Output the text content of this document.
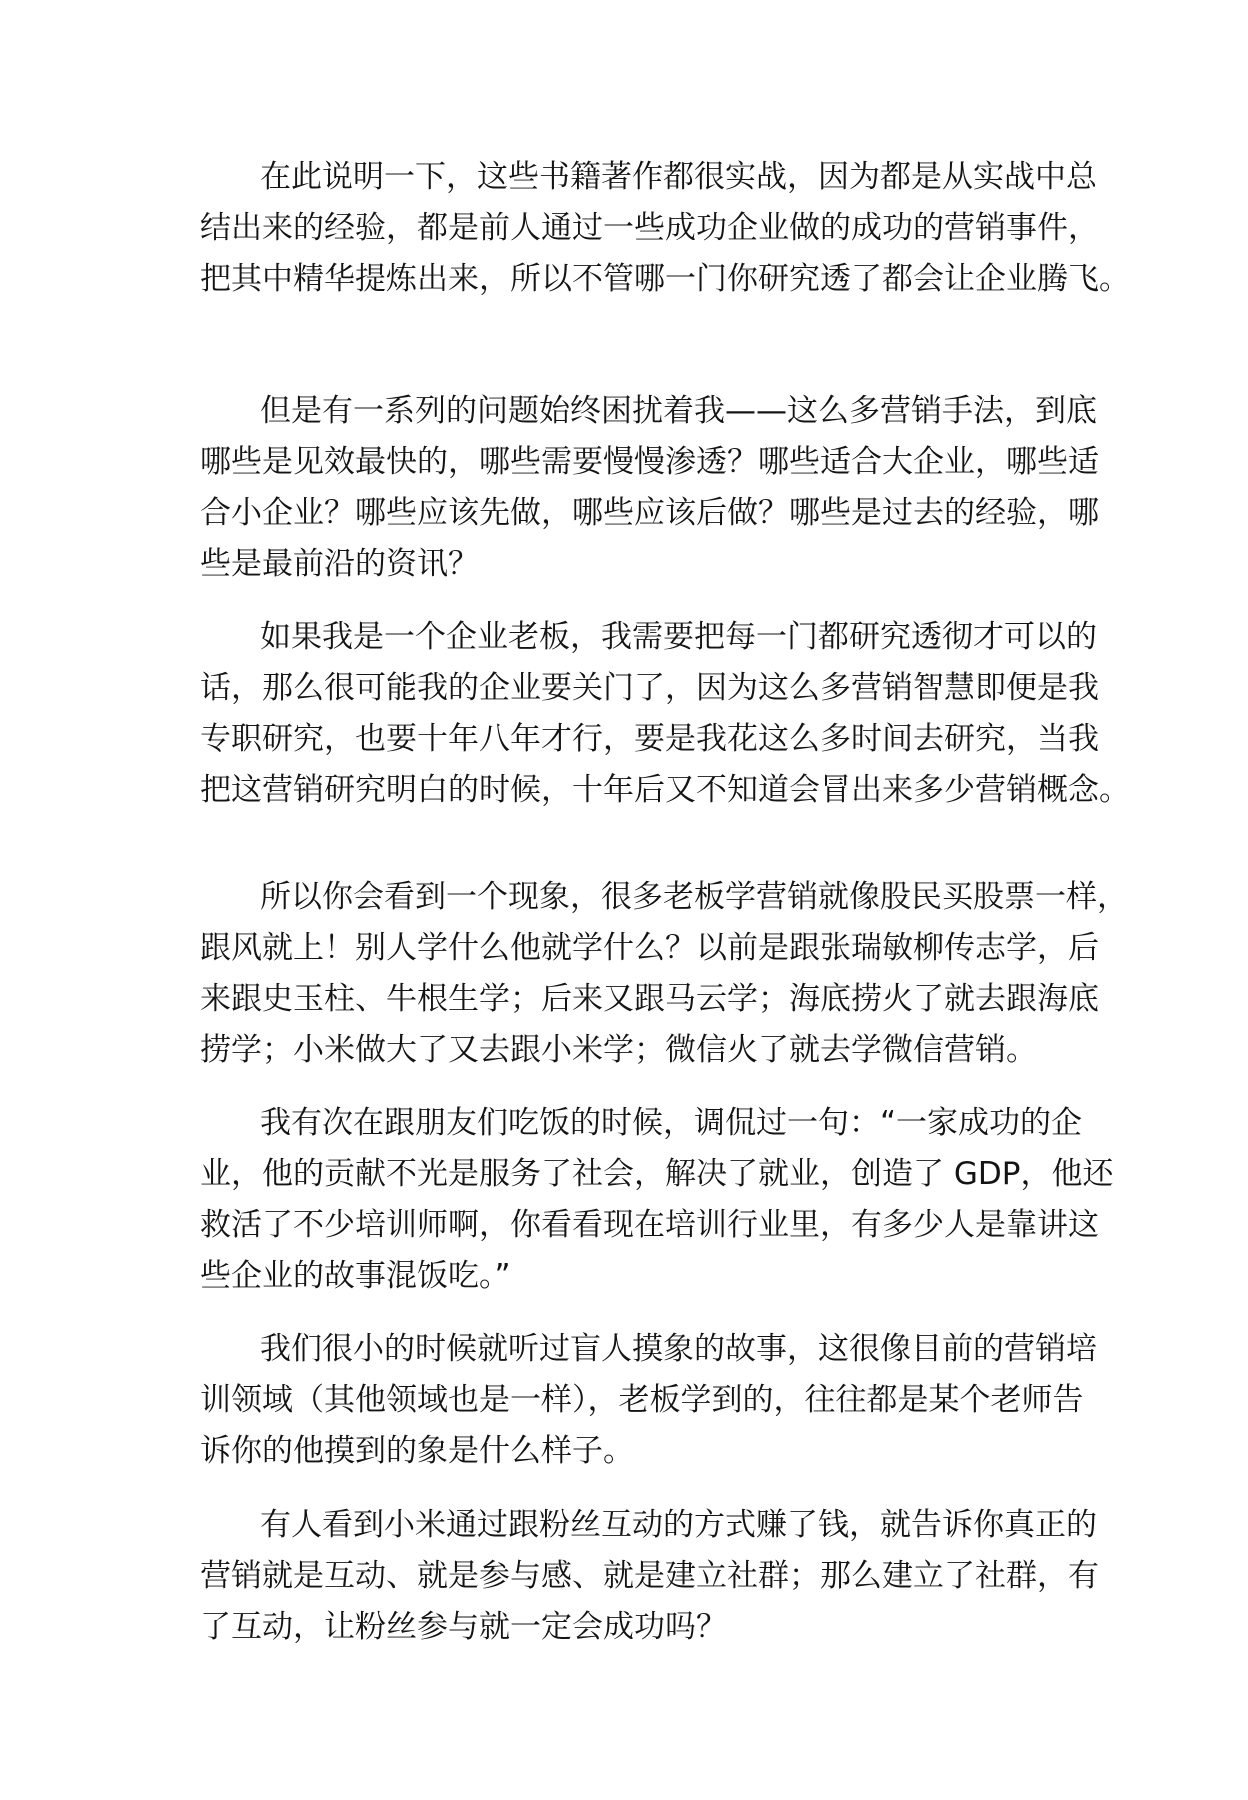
在此说明一下，这些书籍著作都很实战，因为都是从实战中总
结出来的经验，都是前人通过一些成功企业做的成功的营销事件，
把其中精华提炼出来，所以不管哪一门你研究透了都会让企业腾飞。
但是有一系列的问题始终困扰着我——这么多营销手法，到底
哪些是见效最快的，哪些需要慢慢渗透？哪些适合大企业，哪些适
合小企业？哪些应该先做，哪些应该后做？哪些是过去的经验，哪
些是最前沿的资讯？
如果我是一个企业老板，我需要把每一门都研究透彻才可以的
话，那么很可能我的企业要关门了，因为这么多营销智慧即便是我
专职研究，也要十年八年才行，要是我花这么多时间去研究，当我
把这营销研究明白的时候，十年后又不知道会冒出来多少营销概念。
所以你会看到一个现象，很多老板学营销就像股民买股票一样，
跟风就上！别人学什么他就学什么？以前是跟张瑞敏柳传志学，后
来跟史玉柱、牛根生学；后来又跟马云学；海底捞火了就去跟海底
捞学；小米做大了又去跟小米学；微信火了就去学微信营销。
我有次在跟朋友们吃饭的时候，调侃过一句：“一家成功的企
业，他的贡献不光是服务了社会，解决了就业，创造了 GDP，他还
救活了不少培训师啊，你看看现在培训行业里，有多少人是靠讲这
些企业的故事混饭吃。”
我们很小的时候就听过盲人摸象的故事，这很像目前的营销培
训领域（其他领域也是一样），老板学到的，往往都是某个老师告
诉你的他摸到的象是什么样子。
有人看到小米通过跟粉丝互动的方式赚了钱，就告诉你真正的
营销就是互动、就是参与感、就是建立社群；那么建立了社群，有
了互动，让粉丝参与就一定会成功吗？
